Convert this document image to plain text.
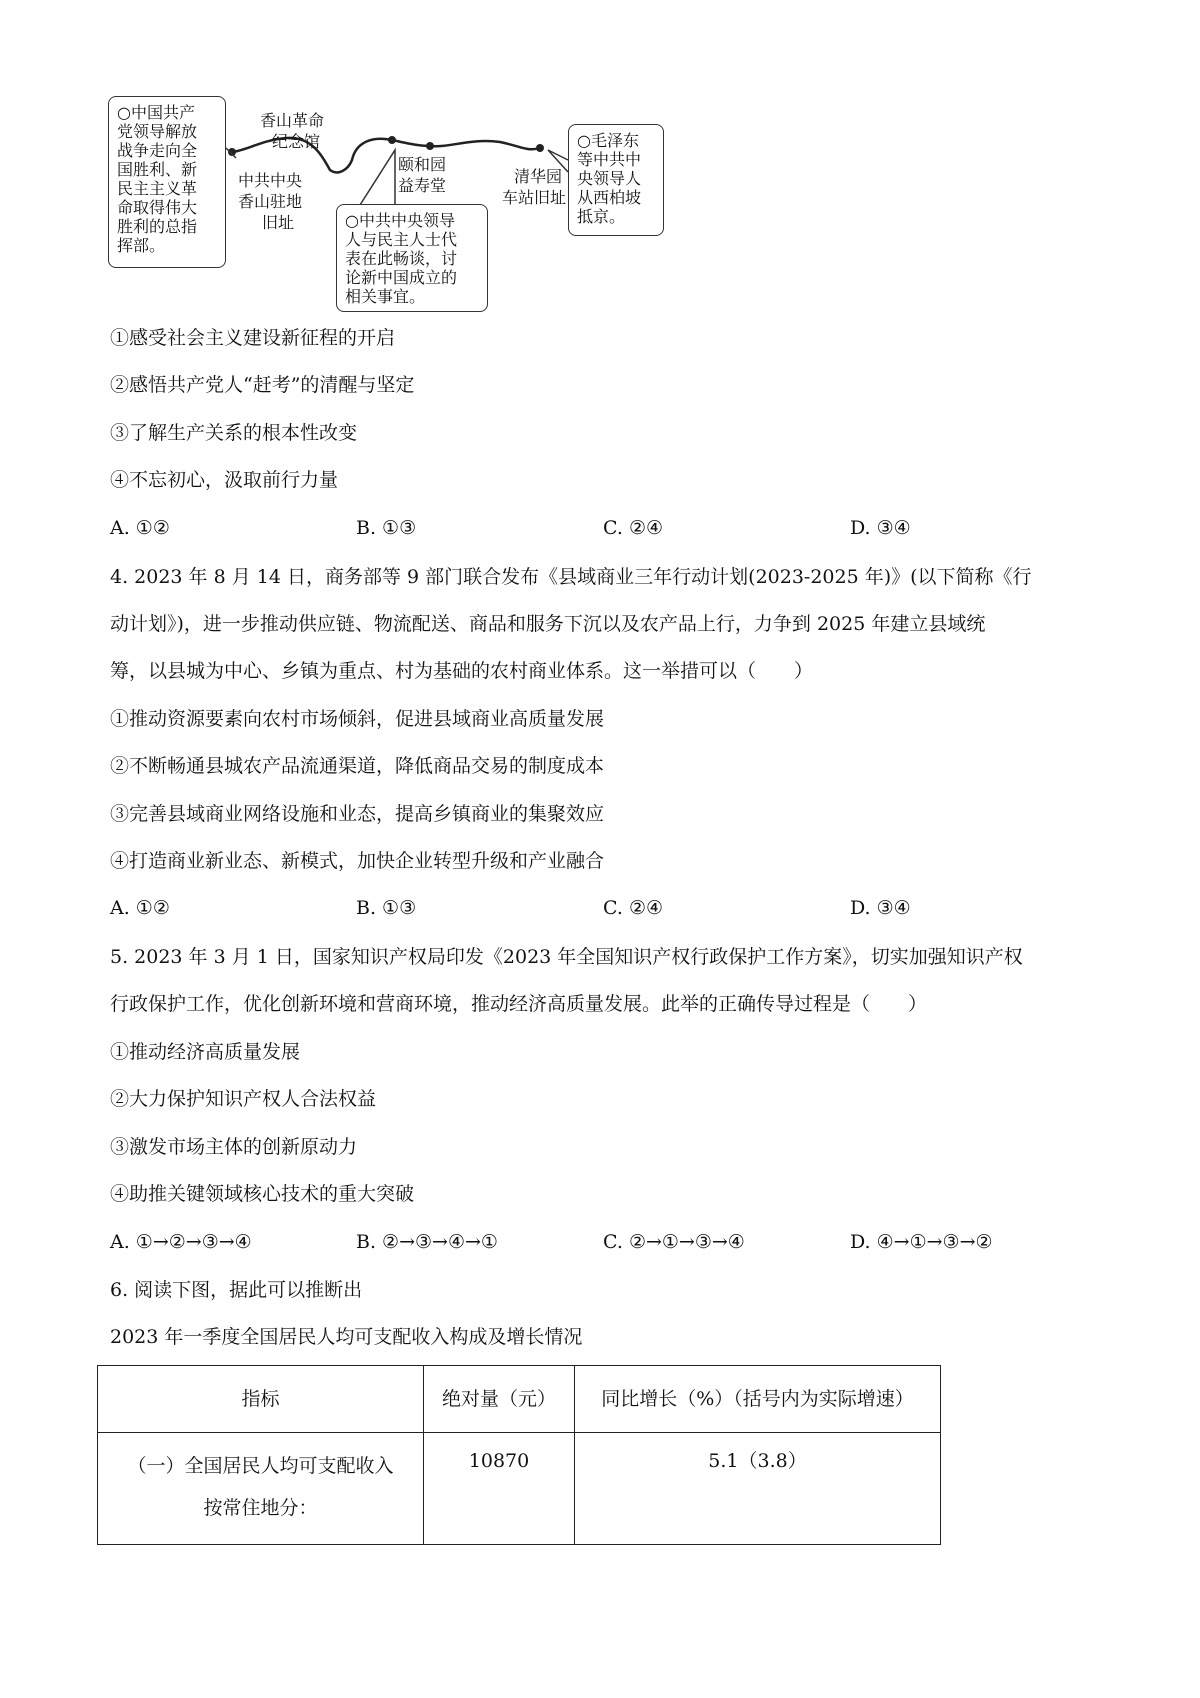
○中国共产
党领导解放
战争走向全
国胜利、新
民主主义革
命取得伟大
胜利的总指
挥部。
○中共中央领导
人与民主人士代
表在此畅谈，讨
论新中国成立的
相关事宜。
○毛泽东
等中共中
央领导人
从西柏坡
抵京。
香山革命
纪念馆
中共中央
香山驻地
旧址
颐和园
益寿堂	清华园
车站旧址
①感受社会主义建设新征程的开启
②感悟共产党人“赶考”的清醒与坚定
③了解生产关系的根本性改变
④不忘初心，汲取前行力量
A. ①②	B. ①③	C. ②④	D. ③④
4. 2023 年 8 月 14 日，商务部等 9 部门联合发布《县域商业三年行动计划(2023-2025 年)》(以下简称《行
动计划》)，进一步推动供应链、物流配送、商品和服务下沉以及农产品上行，力争到 2025 年建立县域统
筹，以县城为中心、乡镇为重点、村为基础的农村商业体系。这一举措可以（　　）
①推动资源要素向农村市场倾斜，促进县域商业高质量发展
②不断畅通县城农产品流通渠道，降低商品交易的制度成本
③完善县域商业网络设施和业态，提高乡镇商业的集聚效应
④打造商业新业态、新模式，加快企业转型升级和产业融合
A. ①②	B. ①③	C. ②④	D. ③④
5. 2023 年 3 月 1 日，国家知识产权局印发《2023 年全国知识产权行政保护工作方案》，切实加强知识产权
行政保护工作，优化创新环境和营商环境，推动经济高质量发展。此举的正确传导过程是（　　）
①推动经济高质量发展
②大力保护知识产权人合法权益
③激发市场主体的创新原动力
④助推关键领域核心技术的重大突破
A. ①→②→③→④	B. ②→③→④→①	C. ②→①→③→④	D. ④→①→③→②
6. 阅读下图，据此可以推断出
2023 年一季度全国居民人均可支配收入构成及增长情况
指标	绝对量（元）	同比增长（%）（括号内为实际增速）

（一）全国居民人均可支配收入
按常住地分：	10870	5.1（3.8）
